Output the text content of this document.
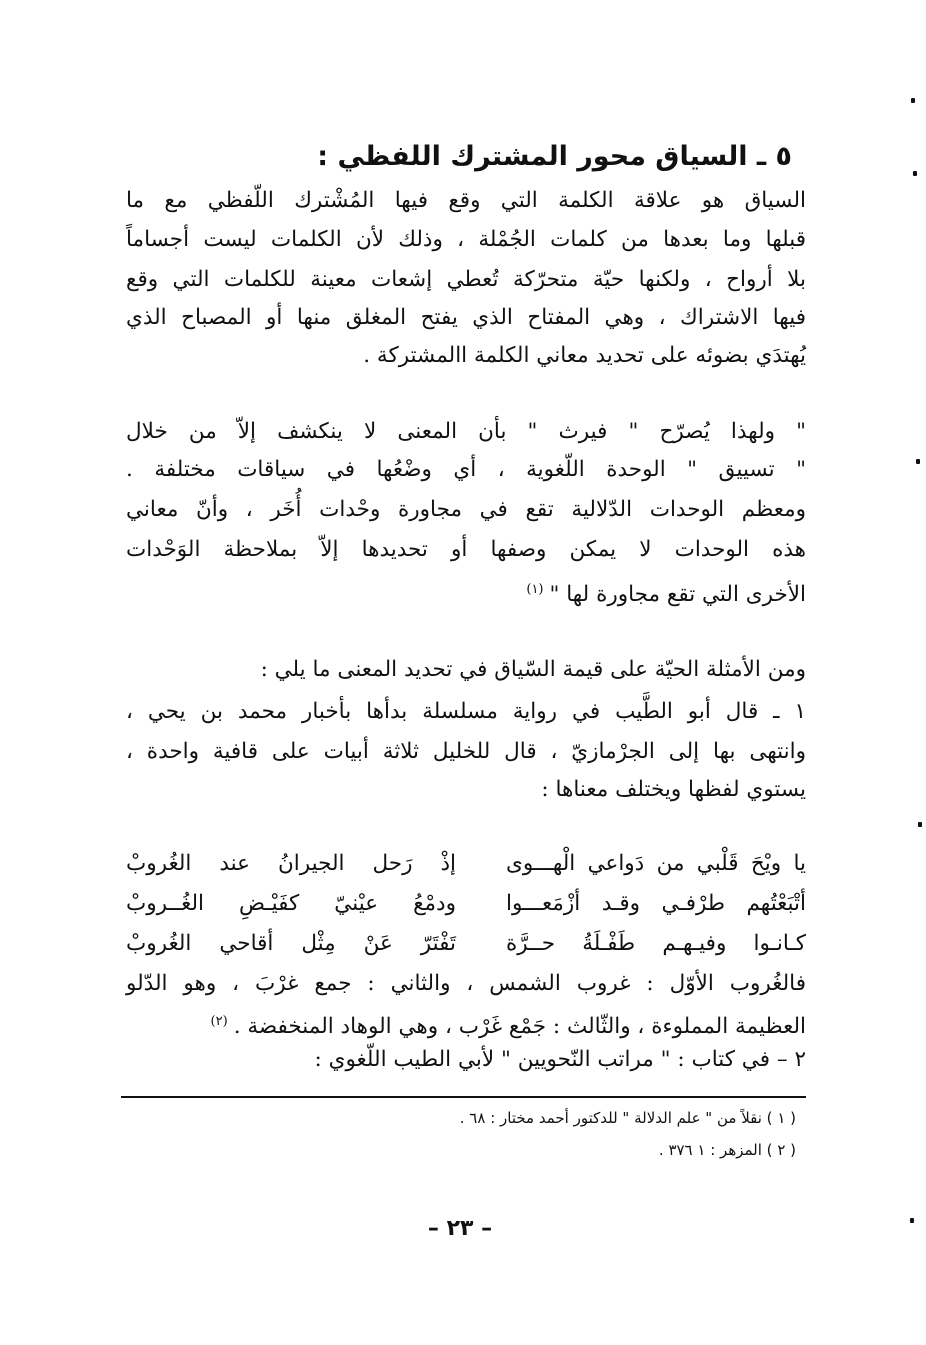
٥ ـ السياق محور المشترك اللفظي :
السياق هو علاقة الكلمة التي وقع فيها المُشْترك اللّفظي مع ما
قبلها وما بعدها من كلمات الجُمْلة ، وذلك لأن الكلمات ليست أجساماً
بلا أرواح ، ولكنها حيّة متحرّكة تُعطي إشعات معينة للكلمات التي وقع
فيها الاشتراك ، وهي المفتاح الذي يفتح المغلق منها أو المصباح الذي
يُهتدَي بضوئه على تحديد معاني الكلمة االمشتركة .
" ولهذا يُصرّح " فيرث " بأن المعنى لا ينكشف إلاّ من خلال
" تسييق " الوحدة اللّغوية ، أي وضْعُها في سياقات مختلفة .
ومعظم الوحدات الدّلالية تقع في مجاورة وحْدات أُخَر ، وأنّ معاني
هذه الوحدات لا يمكن وصفها أو تحديدها إلاّ بملاحظة الوَحْدات
الأخرى التي تقع مجاورة لها "$^{(١)}$
ومن الأمثلة الحيّة على قيمة السّياق في تحديد المعنى ما يلي :
١ ـ قال أبو الطَّيب في رواية مسلسلة بدأها بأخبار محمد بن يحي ،
وانتهى بها إلى الجرْمازيّ ، قال للخليل ثلاثة أبيات على قافية واحدة ،
يستوي لفظها ويختلف معناها :
يا ويْحَ قَلْبي من دَواعي الْهـــوى
إذْ رَحل الجيرانُ عند الغُروبْ
أتْبَعْتُهم طرْفـي وقـد أزْمَعـــوا
ودمْعُ عيْنيّ كفَيْـضِ الغُــروبْ
كـانـوا وفيـهـم طَفْـلَةُ حــرَّة
تَفْتَرّ عَنْ مِثْل أقاحي الغُروبْ
فالغُروب الأوّل : غروب الشمس ، والثاني : جمع غرْبَ ، وهو الدّلو
العظيمة المملوءة ، والثّالث : جَمْع غَرْب ، وهي الوهاد المنخفضة .$^{(٢)}$
٢ – في كتاب : " مراتب النّحويين " لأبي الطيب اللّغوي :
( ١ ) نقلاً من " علم الدلالة " للدكتور أحمد مختار : ٦٨ .
( ٢ ) المزهر : ١ ٣٧٦ .
– ٢٣ –
